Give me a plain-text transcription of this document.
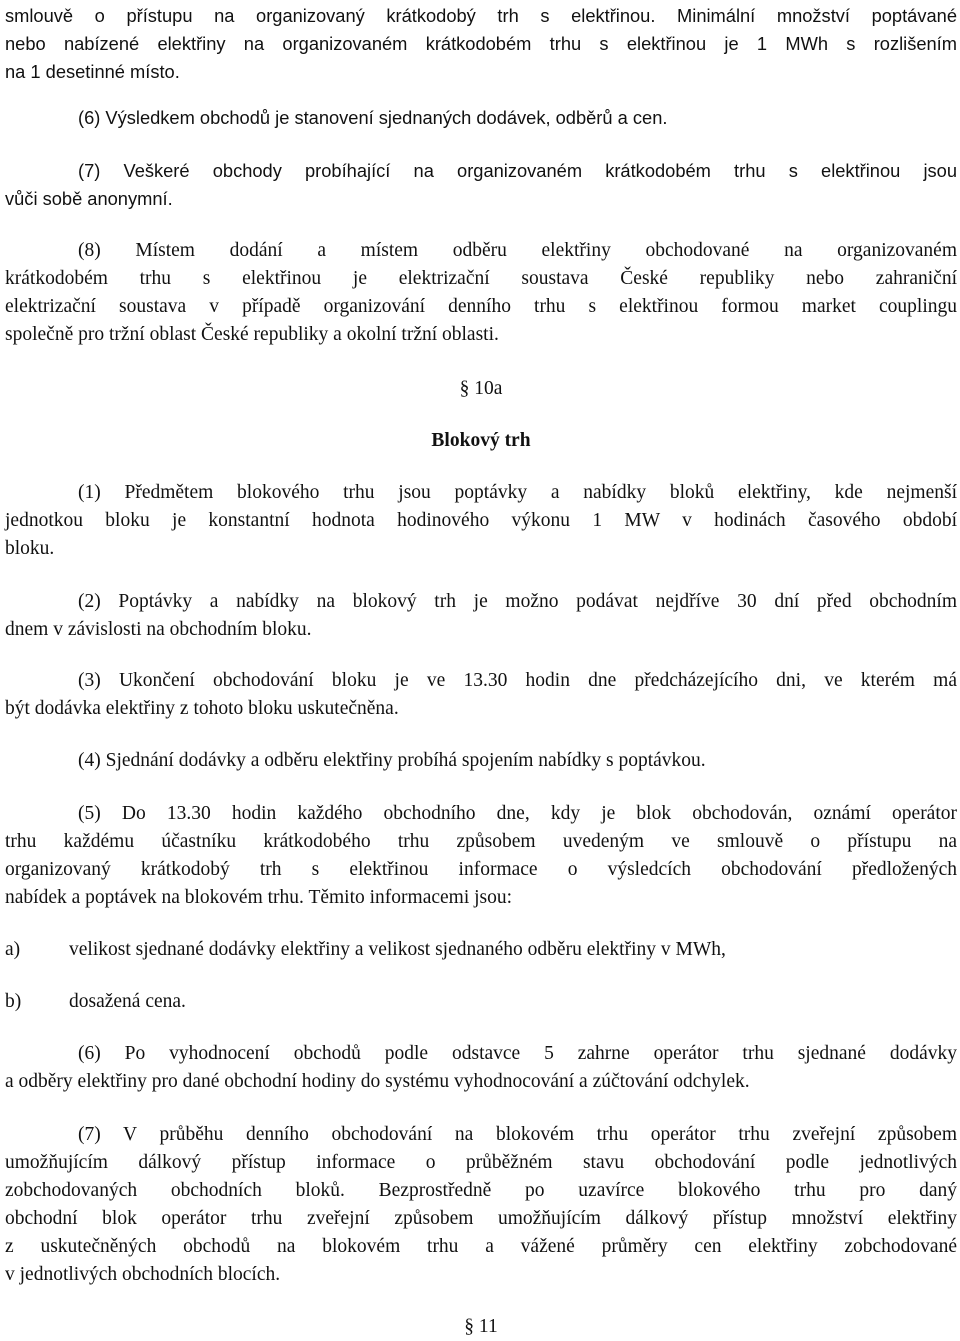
smlouvě o přístupu na organizovaný krátkodobý trh s elektřinou. Minimální množství poptávané

nebo nabízené elektřiny na organizovaném krátkodobém trhu s elektřinou je 1 MWh s rozlišením

na 1 desetinné místo.

(6) Výsledkem obchodů je stanovení sjednaných dodávek, odběrů a cen.

(7) Veškeré obchody probíhající na organizovaném krátkodobém trhu s elektřinou jsou

vůči sobě anonymní.

(8) Místem dodání a místem odběru elektřiny obchodované na organizovaném

krátkodobém trhu s elektřinou je elektrizační soustava České republiky nebo zahraniční

elektrizační soustava v případě organizování denního trhu s elektřinou formou market couplingu

společně pro tržní oblast České republiky a okolní tržní oblasti.

§ 10a

Blokový trh

(1) Předmětem blokového trhu jsou poptávky a nabídky bloků elektřiny, kde nejmenší

jednotkou bloku je konstantní hodnota hodinového výkonu 1 MW v hodinách časového období

bloku.

(2) Poptávky a nabídky na blokový trh je možno podávat nejdříve 30 dní před obchodním

dnem v závislosti na obchodním bloku.

(3) Ukončení obchodování bloku je ve 13.30 hodin dne předcházejícího dni, ve kterém má

být dodávka elektřiny z tohoto bloku uskutečněna.

(4) Sjednání dodávky a odběru elektřiny probíhá spojením nabídky s poptávkou.

(5) Do 13.30 hodin každého obchodního dne, kdy je blok obchodován, oznámí operátor

trhu každému účastníku krátkodobého trhu způsobem uvedeným ve smlouvě o přístupu na

organizovaný krátkodobý trh s elektřinou informace o výsledcích obchodování předložených

nabídek a poptávek na blokovém trhu. Těmito informacemi jsou:

a)	velikost sjednané dodávky elektřiny a velikost sjednaného odběru elektřiny v MWh,
b)	dosažená cena.

(6) Po vyhodnocení obchodů podle odstavce 5 zahrne operátor trhu sjednané dodávky

a odběry elektřiny pro dané obchodní hodiny do systému vyhodnocování a zúčtování odchylek.

(7) V průběhu denního obchodování na blokovém trhu operátor trhu zveřejní způsobem

umožňujícím dálkový přístup informace o průběžném stavu obchodování podle jednotlivých

zobchodovaných obchodních bloků. Bezprostředně po uzavírce blokového trhu pro daný

obchodní blok operátor trhu zveřejní způsobem umožňujícím dálkový přístup množství elektřiny

z uskutečněných obchodů na blokovém trhu a vážené průměry cen elektřiny zobchodované

v jednotlivých obchodních blocích.

§ 11
